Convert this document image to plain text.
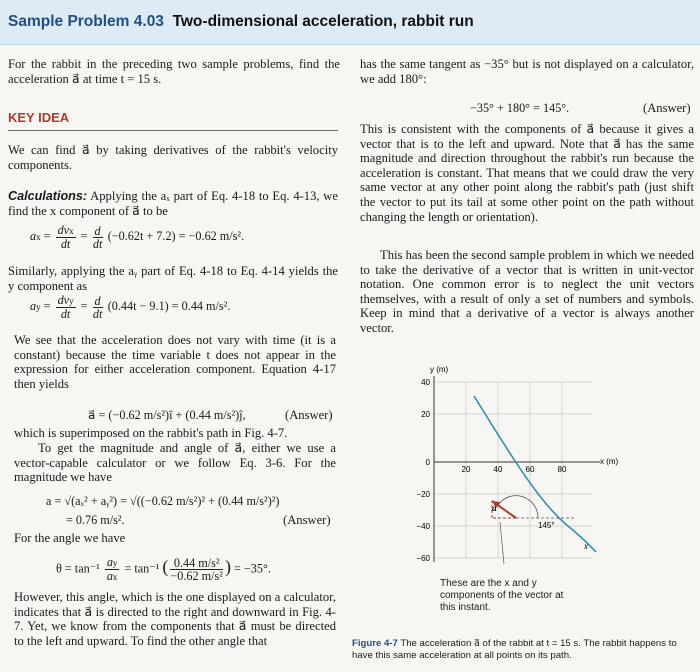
Sample Problem 4.03 Two-dimensional acceleration, rabbit run
For the rabbit in the preceding two sample problems, find the acceleration a⃗ at time t = 15 s.
KEY IDEA
We can find a⃗ by taking derivatives of the rabbit's velocity components.
Calculations: Applying the aₓ part of Eq. 4-18 to Eq. 4-13, we find the x component of a⃗ to be
ax = $\frac{\text{dvx}}{dt} = \frac{d}{dt} (-0.62t + 7.2) = -0.62$ m/s².
Similarly, applying the aᵧ part of Eq. 4-18 to Eq. 4-14 yields the y component as
ay = $\frac{\text{dvy}}{dt} = \frac{d}{dt} (0.44t - 9.1) = 0.44$ m/s².
We see that the acceleration does not vary with time (it is a constant) because the time variable t does not appear in the expression for either acceleration component. Equation 4-17 then yields
a⃗ = (−0.62 m/s²)î + (0.44 m/s²)ĵ,	(Answer)
which is superimposed on the rabbit's path in Fig. 4-7.
To get the magnitude and angle of a⃗, either we use a vector-capable calculator or we follow Eq. 3-6. For the magnitude we have
a = √(aₓ² + aᵧ²) = √((−0.62 m/s²)² + (0.44 m/s²)²)
= 0.76 m/s².	(Answer)
For the angle we have
$\theta = \tan^{-1} \frac{ay}{ax} = \tan^{-1}$ ( $\frac{\text{0.44 m/s²}}{\text{−0.62 m/s²}}$ ) = −35°.
However, this angle, which is the one displayed on a calculator, indicates that a⃗ is directed to the right and downward in Fig. 4-7. Yet, we know from the components that a⃗ must be directed to the left and upward. To find the other angle that
has the same tangent as −35° but is not displayed on a calculator, we add 180°:
−35° + 180° = 145°.	(Answer)
This is consistent with the components of a⃗ because it gives a vector that is to the left and upward. Note that a⃗ has the same magnitude and direction throughout the rabbit's run because the acceleration is constant. That means that we could draw the very same vector at any other point along the rabbit's path (just shift the vector to put its tail at some other point on the path without changing the length or orientation).
This has been the second sample problem in which we needed to take the derivative of a vector that is written in unit-vector notation. One common error is to neglect the unit vectors themselves, with a result of only a set of numbers and symbols. Keep in mind that a derivative of a vector is always another vector.
40
20
0
−20
−40
−60
20	40	60	80
y (m)
x (m)
145°
a⃗
x
These are the x and y components of the vector at this instant.
Figure 4-7 The acceleration a⃗ of the rabbit at t = 15 s. The rabbit happens to have this same acceleration at all points on its path.
